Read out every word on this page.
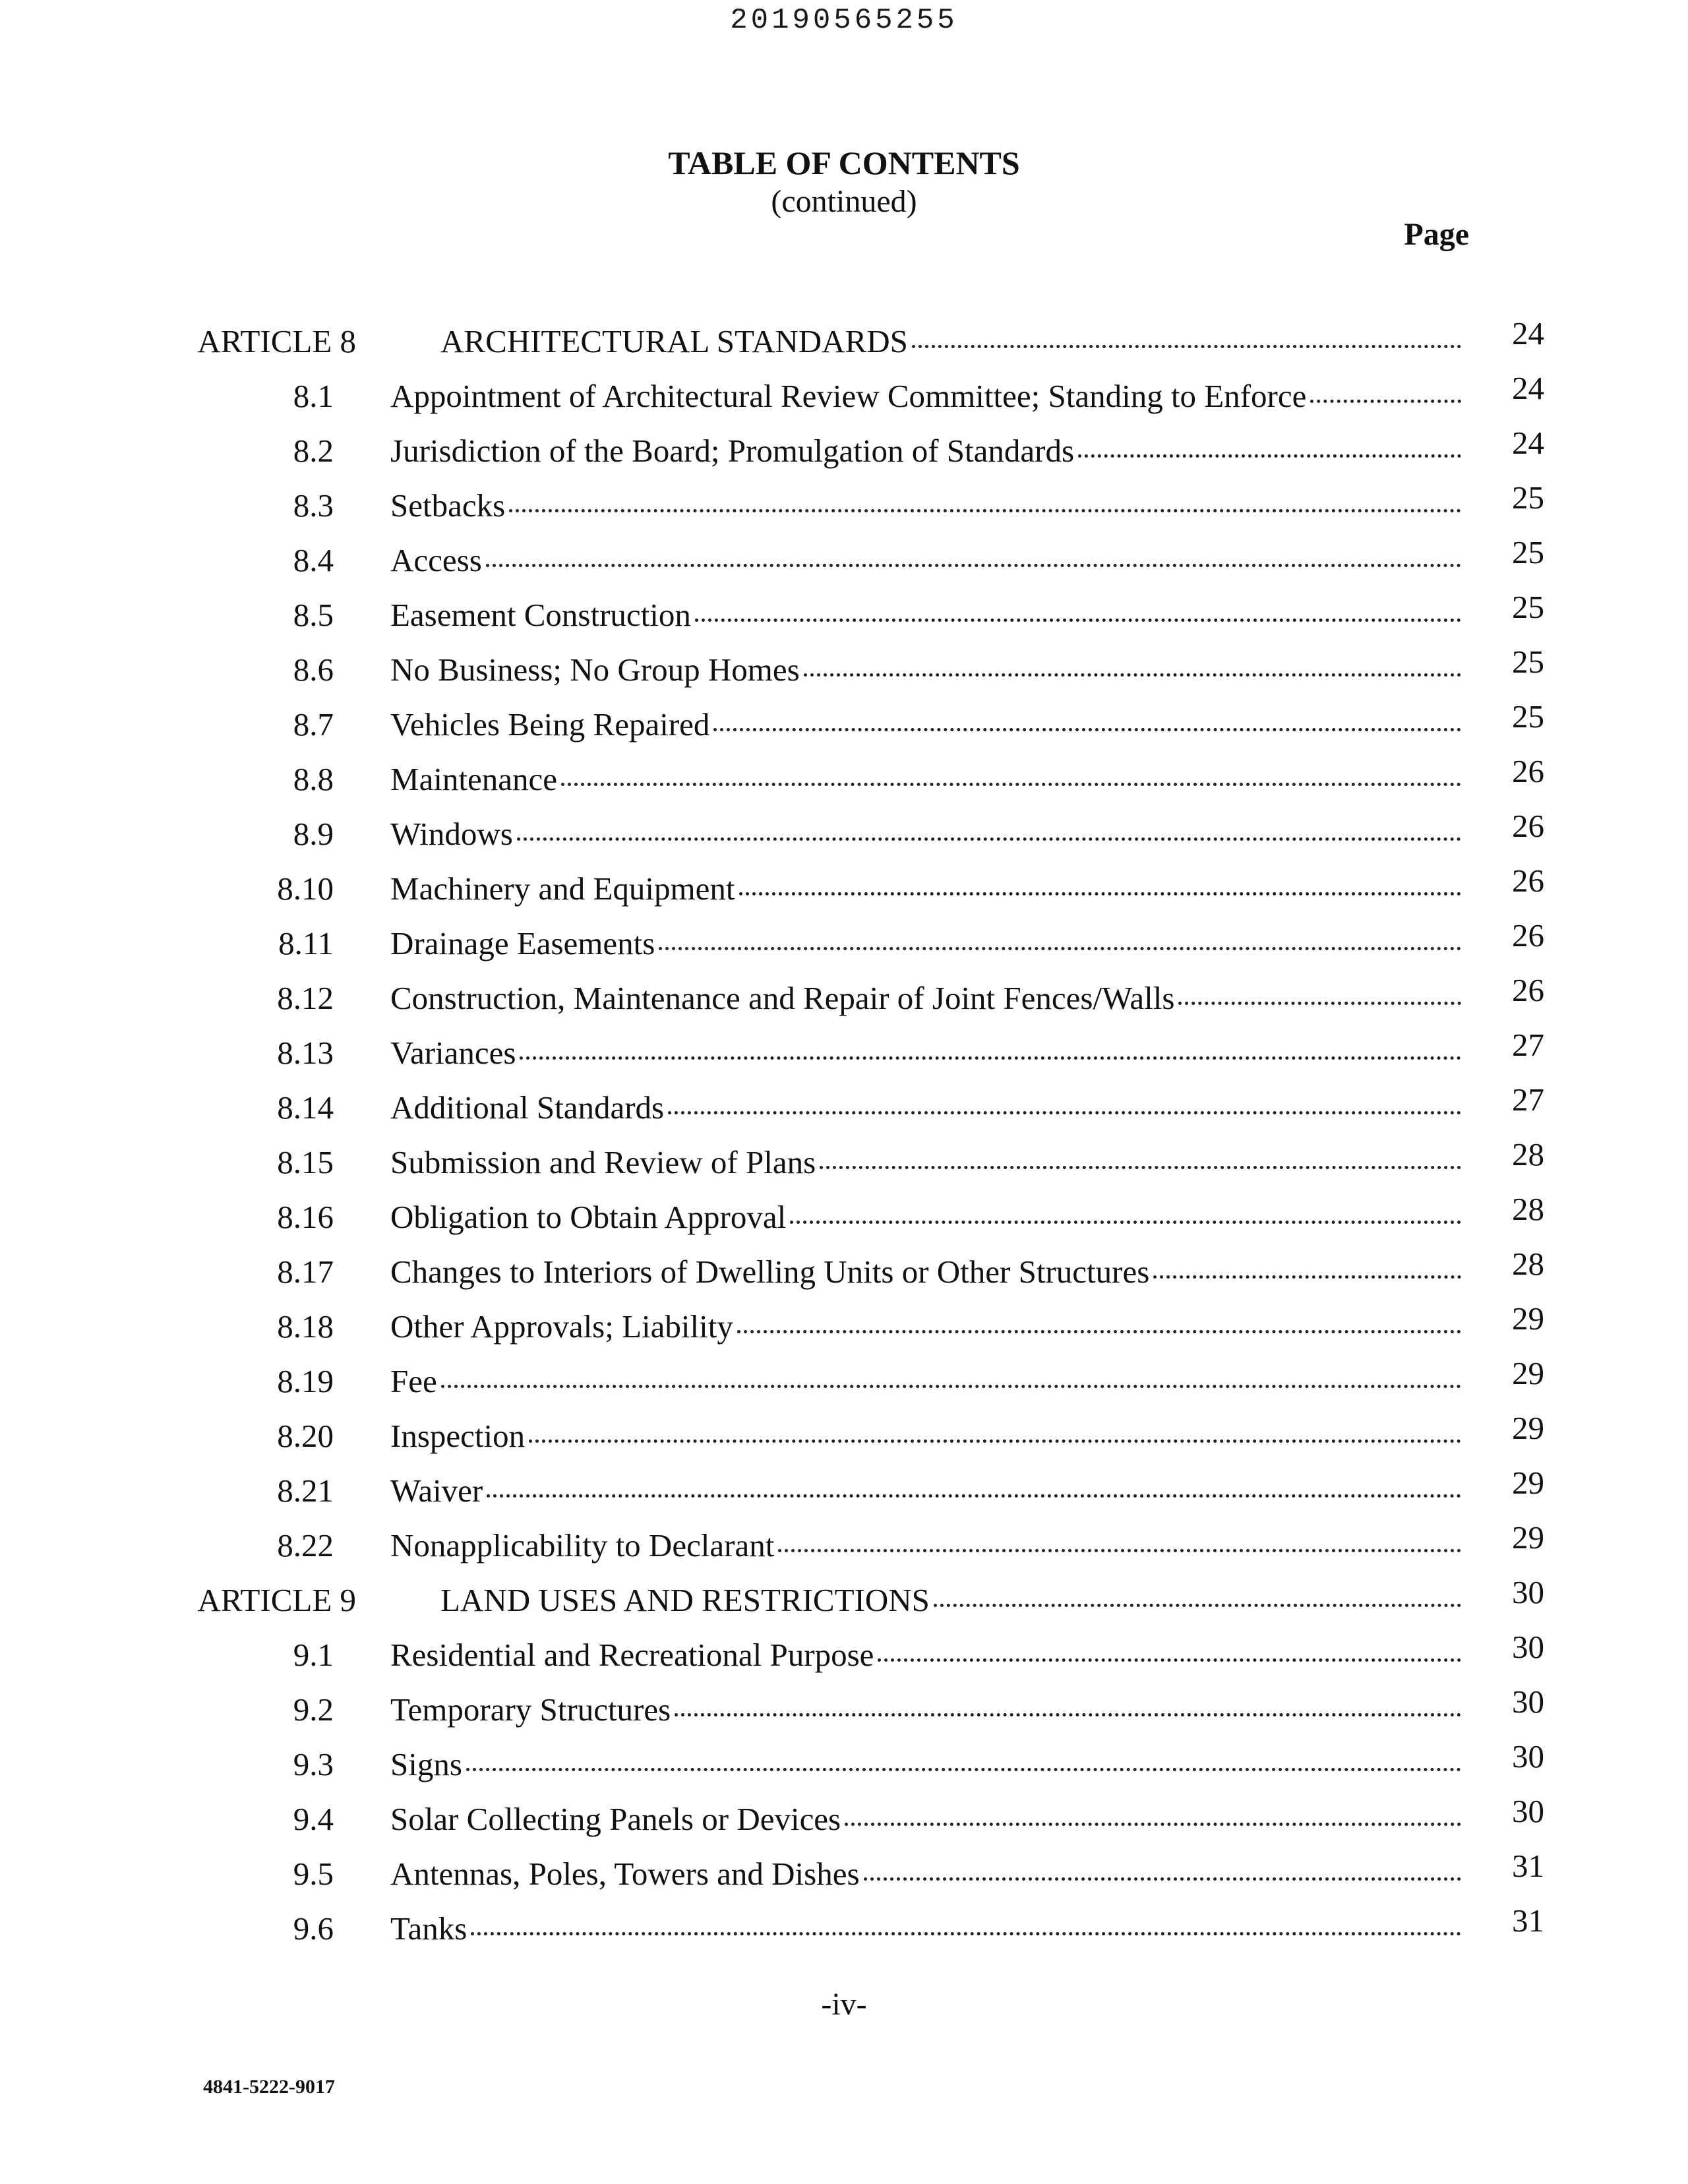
20190565255
TABLE OF CONTENTS
(continued)
Page
ARTICLE 8	ARCHITECTURAL STANDARDS	24
8.1 Appointment of Architectural Review Committee; Standing to Enforce	24
8.2 Jurisdiction of the Board; Promulgation of Standards	24
8.3 Setbacks	25
8.4 Access	25
8.5 Easement Construction	25
8.6 No Business; No Group Homes	25
8.7 Vehicles Being Repaired	25
8.8 Maintenance	26
8.9 Windows	26
8.10 Machinery and Equipment	26
8.11 Drainage Easements	26
8.12 Construction, Maintenance and Repair of Joint Fences/Walls	26
8.13 Variances	27
8.14 Additional Standards	27
8.15 Submission and Review of Plans	28
8.16 Obligation to Obtain Approval	28
8.17 Changes to Interiors of Dwelling Units or Other Structures	28
8.18 Other Approvals; Liability	29
8.19 Fee	29
8.20 Inspection	29
8.21 Waiver	29
8.22 Nonapplicability to Declarant	29
ARTICLE 9	LAND USES AND RESTRICTIONS	30
9.1 Residential and Recreational Purpose	30
9.2 Temporary Structures	30
9.3 Signs	30
9.4 Solar Collecting Panels or Devices	30
9.5 Antennas, Poles, Towers and Dishes	31
9.6 Tanks	31
-iv-
4841-5222-9017
